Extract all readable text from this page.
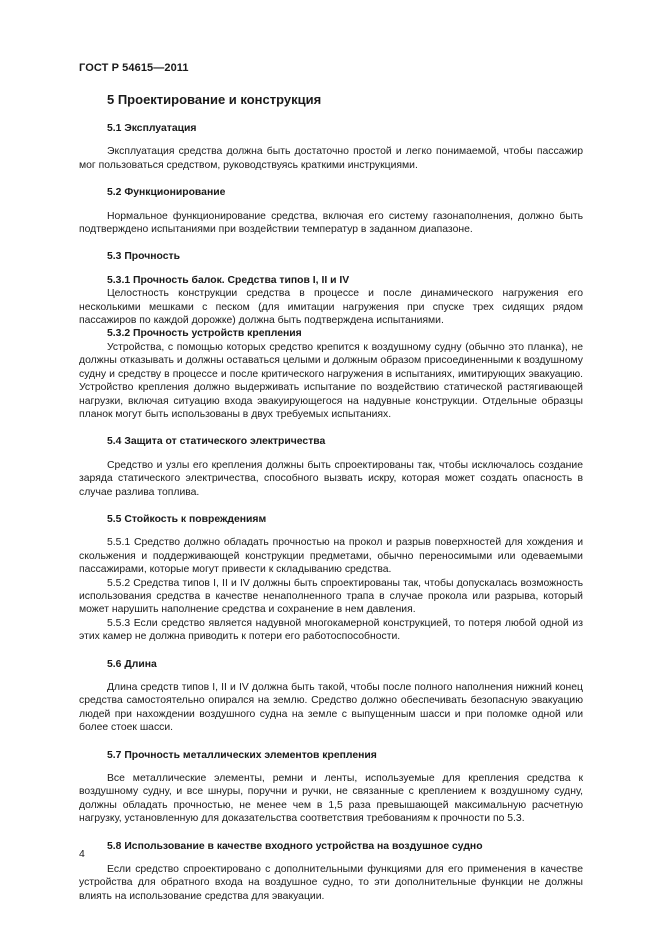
ГОСТ Р 54615—2011
5 Проектирование и конструкция
5.1 Эксплуатация

Эксплуатация средства должна быть достаточно простой и легко понимаемой, чтобы пассажир мог пользоваться средством, руководствуясь краткими инструкциями.

5.2 Функционирование

Нормальное функционирование средства, включая его систему газонаполнения, должно быть подтверждено испытаниями при воздействии температур в заданном диапазоне.

5.3 Прочность
5.3.1 Прочность балок. Средства типов I, II и IV

Целостность конструкции средства в процессе и после динамического нагружения его несколькими мешками с песком (для имитации нагружения при спуске трех сидящих рядом пассажиров по каждой дорожке) должна быть подтверждена испытаниями.

5.3.2 Прочность устройств крепления

Устройства, с помощью которых средство крепится к воздушному судну (обычно это планка), не должны отказывать и должны оставаться целыми и должным образом присоединенными к воздушному судну и средству в процессе и после критического нагружения в испытаниях, имитирующих эвакуацию. Устройство крепления должно выдерживать испытание по воздействию статической растягивающей нагрузки, включая ситуацию входа эвакуирующегося на надувные конструкции. Отдельные образцы планок могут быть использованы в двух требуемых испытаниях.

5.4 Защита от статического электричества

Средство и узлы его крепления должны быть спроектированы так, чтобы исключалось создание заряда статического электричества, способного вызвать искру, которая может создать опасность в случае разлива топлива.

5.5 Стойкость к повреждениям

5.5.1 Средство должно обладать прочностью на прокол и разрыв поверхностей для хождения и скольжения и поддерживающей конструкции предметами, обычно переносимыми или одеваемыми пассажирами, которые могут привести к складыванию средства.

5.5.2 Средства типов I, II и IV должны быть спроектированы так, чтобы допускалась возможность использования средства в качестве ненаполненного трапа в случае прокола или разрыва, который может нарушить наполнение средства и сохранение в нем давления.

5.5.3 Если средство является надувной многокамерной конструкцией, то потеря любой одной из этих камер не должна приводить к потери его работоспособности.

5.6 Длина

Длина средств типов I, II и IV должна быть такой, чтобы после полного наполнения нижний конец средства самостоятельно опирался на землю. Средство должно обеспечивать безопасную эвакуацию людей при нахождении воздушного судна на земле с выпущенным шасси и при поломке одной или более стоек шасси.

5.7 Прочность металлических элементов крепления

Все металлические элементы, ремни и ленты, используемые для крепления средства к воздушному судну, и все шнуры, поручни и ручки, не связанные с креплением к воздушному судну, должны обладать прочностью, не менее чем в 1,5 раза превышающей максимальную расчетную нагрузку, установленную для доказательства соответствия требованиям к прочности по 5.3.

5.8 Использование в качестве входного устройства на воздушное судно

Если средство спроектировано с дополнительными функциями для его применения в качестве устройства для обратного входа на воздушное судно, то эти дополнительные функции не должны влиять на использование средства для эвакуации.

4
